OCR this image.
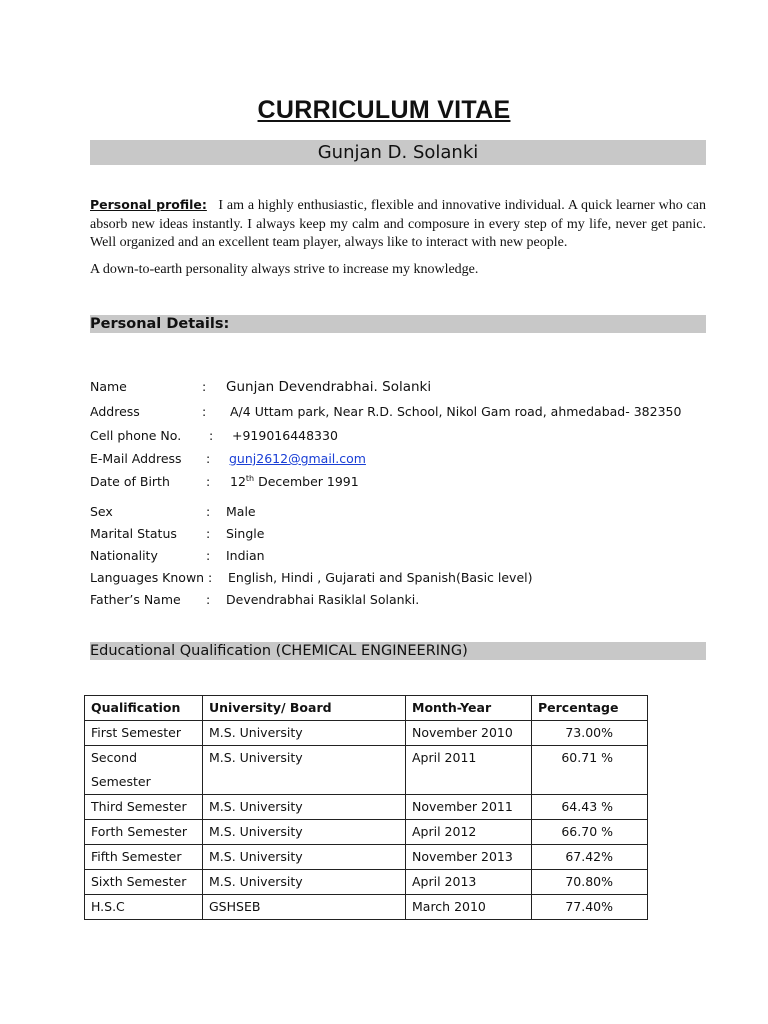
CURRICULUM VITAE
Gunjan D. Solanki
Personal profile: I am a highly enthusiastic, flexible and innovative individual. A quick learner who can absorb new ideas instantly. I always keep my calm and composure in every step of my life, never get panic. Well organized and an excellent team player, always like to interact with new people.
A down-to-earth personality always strive to increase my knowledge.
Personal Details:
Name	: Gunjan Devendrabhai. Solanki
Address	: A/4 Uttam park, Near R.D. School, Nikol Gam road, ahmedabad- 382350
Cell phone No. : +919016448330
E-Mail Address : gunj2612@gmail.com
Date of Birth	: 12th December 1991
Sex	: Male
Marital Status : Single
Nationality	: Indian
Languages Known : English, Hindi , Gujarati and Spanish(Basic level)
Father’s Name : Devendrabhai Rasiklal Solanki.
Educational Qualification (CHEMICAL ENGINEERING)
Qualification	University/ Board	Month-Year	Percentage
First Semester	M.S. University	November 2010	73.00%
Second Semester	M.S. University	April 2011	60.71 %
Third Semester	M.S. University	November 2011	64.43 %
Forth Semester	M.S. University	April 2012	66.70 %
Fifth Semester	M.S. University	November 2013	67.42%
Sixth Semester	M.S. University	April 2013	70.80%
H.S.C	GSHSEB	March 2010	77.40%
